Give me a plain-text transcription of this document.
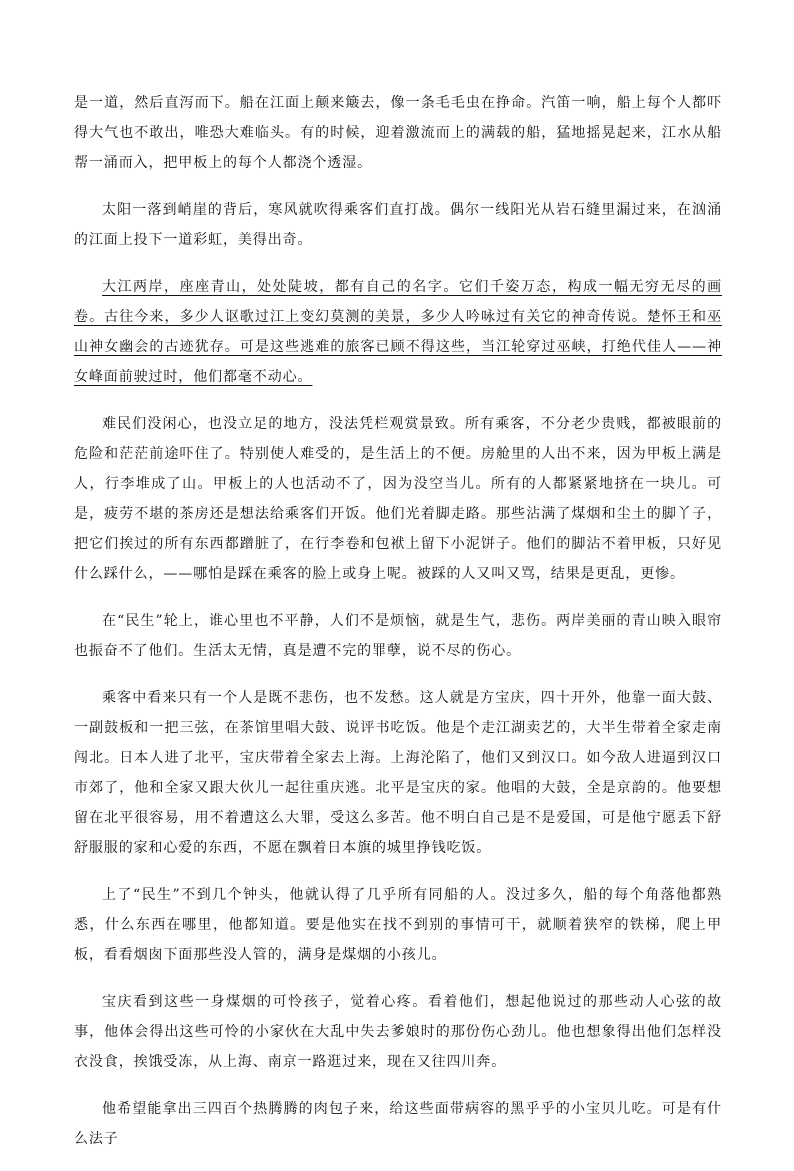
是一道，然后直泻而下。船在江面上颠来簸去，像一条毛毛虫在挣命。汽笛一响，船上每个人都吓得大气也不敢出，唯恐大难临头。有的时候，迎着激流而上的满载的船，猛地摇晃起来，江水从船帮一涌而入，把甲板上的每个人都浇个透湿。

太阳一落到峭崖的背后，寒风就吹得乘客们直打战。偶尔一线阳光从岩石缝里漏过来，在汹涌的江面上投下一道彩虹，美得出奇。

大江两岸，座座青山，处处陡坡，都有自己的名字。它们千姿万态，构成一幅无穷无尽的画卷。古往今来，多少人讴歌过江上变幻莫测的美景，多少人吟咏过有关它的神奇传说。楚怀王和巫山神女幽会的古迹犹存。可是这些逃难的旅客已顾不得这些，当江轮穿过巫峡，打绝代佳人——神女峰面前驶过时，他们都毫不动心。

难民们没闲心，也没立足的地方，没法凭栏观赏景致。所有乘客，不分老少贵贱，都被眼前的危险和茫茫前途吓住了。特别使人难受的，是生活上的不便。房舱里的人出不来，因为甲板上满是人，行李堆成了山。甲板上的人也活动不了，因为没空当儿。所有的人都紧紧地挤在一块儿。可是，疲劳不堪的茶房还是想法给乘客们开饭。他们光着脚走路。那些沾满了煤烟和尘土的脚丫子，把它们挨过的所有东西都蹭脏了，在行李卷和包袱上留下小泥饼子。他们的脚沾不着甲板，只好见什么踩什么，——哪怕是踩在乘客的脸上或身上呢。被踩的人又叫又骂，结果是更乱，更惨。

在“民生”轮上，谁心里也不平静，人们不是烦恼，就是生气，悲伤。两岸美丽的青山映入眼帘也振奋不了他们。生活太无情，真是遭不完的罪孽，说不尽的伤心。

乘客中看来只有一个人是既不悲伤，也不发愁。这人就是方宝庆，四十开外，他靠一面大鼓、一副鼓板和一把三弦，在茶馆里唱大鼓、说评书吃饭。他是个走江湖卖艺的，大半生带着全家走南闯北。日本人进了北平，宝庆带着全家去上海。上海沦陷了，他们又到汉口。如今敌人进逼到汉口市郊了，他和全家又跟大伙儿一起往重庆逃。北平是宝庆的家。他唱的大鼓，全是京韵的。他要想留在北平很容易，用不着遭这么大罪，受这么多苦。他不明白自己是不是爱国，可是他宁愿丢下舒舒服服的家和心爱的东西，不愿在飘着日本旗的城里挣钱吃饭。

上了“民生”不到几个钟头，他就认得了几乎所有同船的人。没过多久，船的每个角落他都熟悉，什么东西在哪里，他都知道。要是他实在找不到别的事情可干，就顺着狭窄的铁梯，爬上甲板，看看烟囱下面那些没人管的，满身是煤烟的小孩儿。

宝庆看到这些一身煤烟的可怜孩子，觉着心疼。看着他们，想起他说过的那些动人心弦的故事，他体会得出这些可怜的小家伙在大乱中失去爹娘时的那份伤心劲儿。他也想象得出他们怎样没衣没食，挨饿受冻，从上海、南京一路逛过来，现在又往四川奔。

他希望能拿出三四百个热腾腾的肉包子来，给这些面带病容的黑乎乎的小宝贝儿吃。可是有什么法子
